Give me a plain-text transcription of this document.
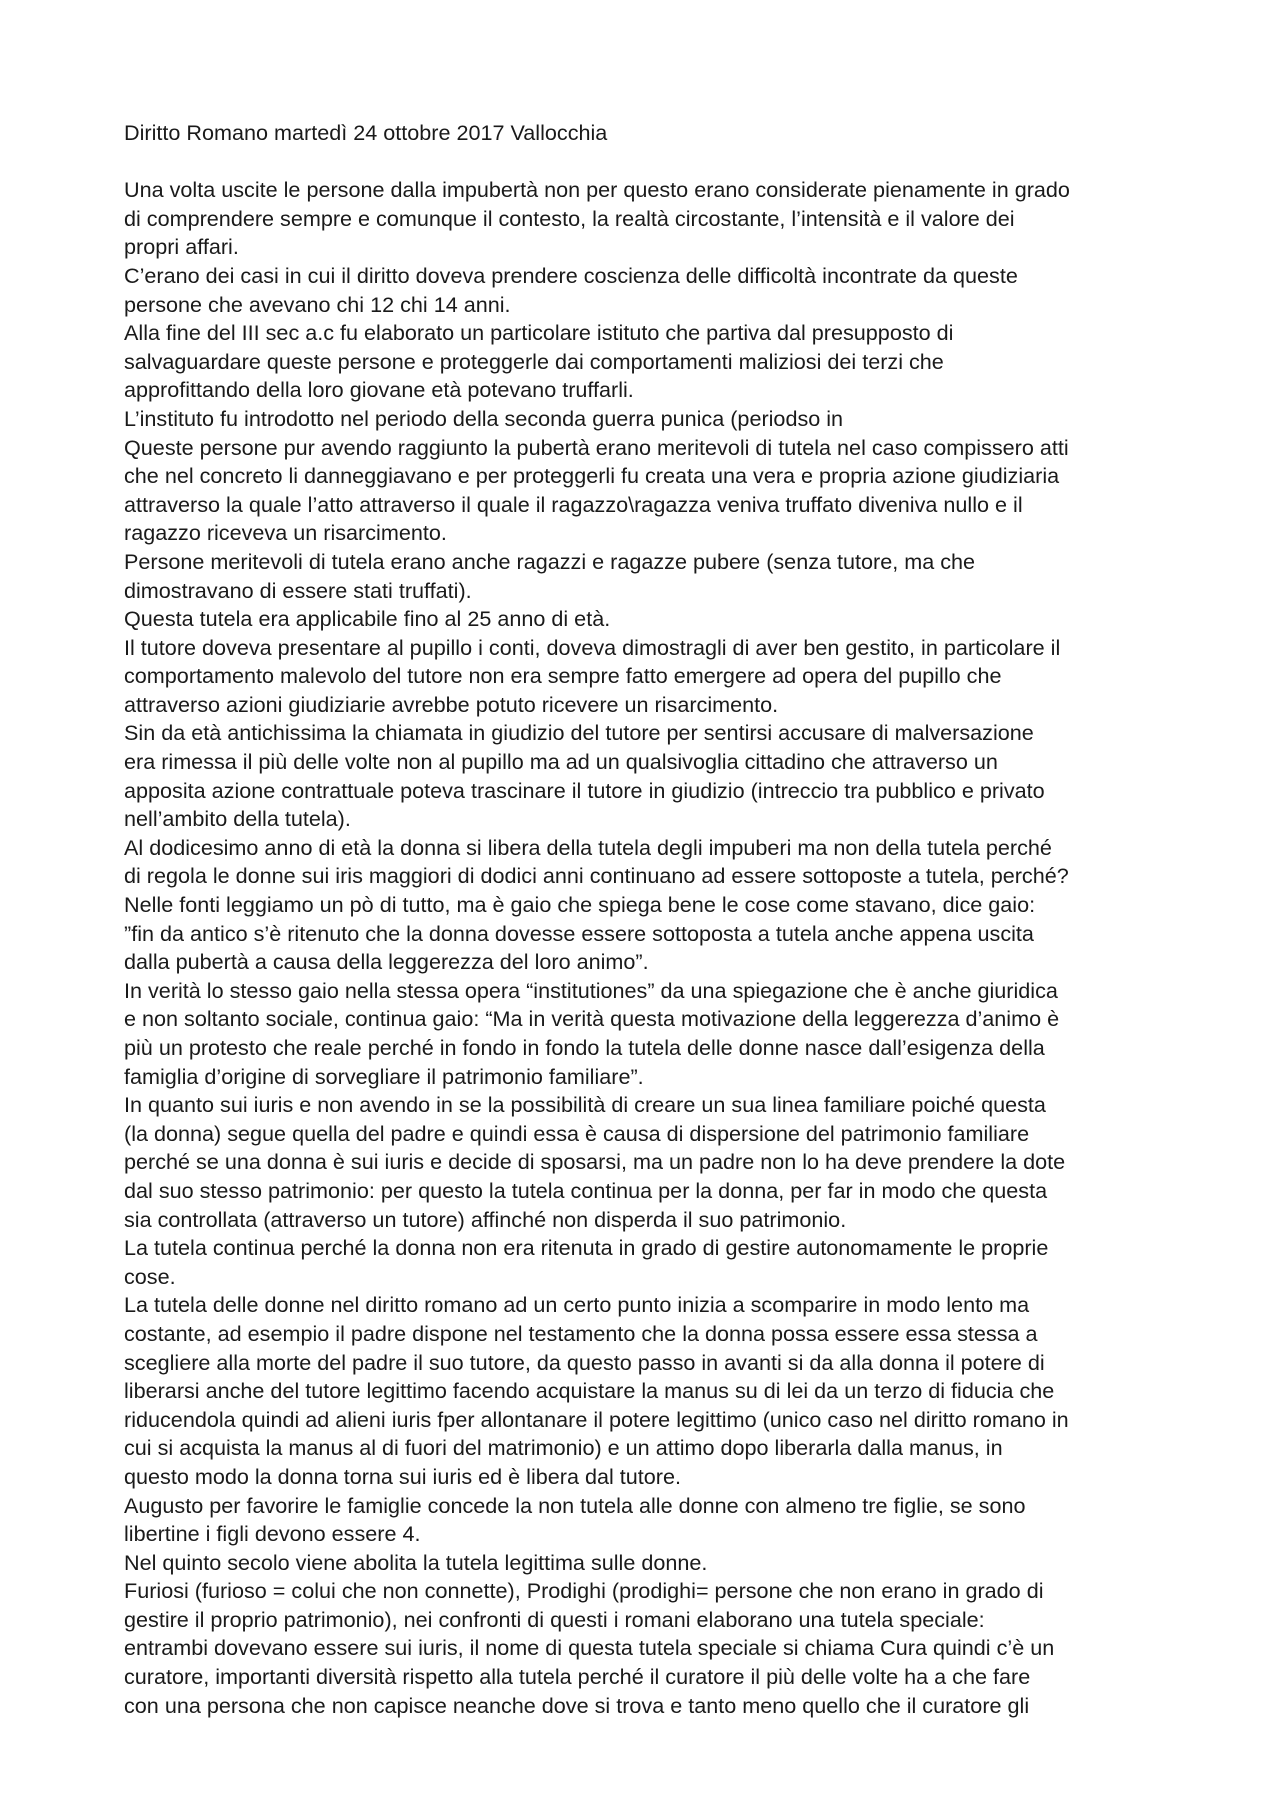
Diritto Romano martedì 24 ottobre 2017 Vallocchia

Una volta uscite le persone dalla impubertà non per questo erano considerate pienamente in grado
di comprendere sempre e comunque il contesto, la realtà circostante, l’intensità e il valore dei
propri affari.

C’erano dei casi in cui il diritto doveva prendere coscienza delle difficoltà incontrate da queste
persone che avevano chi 12 chi 14 anni.

Alla fine del III sec a.c fu elaborato un particolare istituto che partiva dal presupposto di
salvaguardare queste persone e proteggerle dai comportamenti maliziosi dei terzi che
approfittando della loro giovane età potevano truffarli.

L’instituto fu introdotto nel periodo della seconda guerra punica (periodso in

Queste persone pur avendo raggiunto la pubertà erano meritevoli di tutela nel caso compissero atti
che nel concreto li danneggiavano e per proteggerli fu creata una vera e propria azione giudiziaria
attraverso la quale l’atto attraverso il quale il ragazzo\ragazza veniva truffato diveniva nullo e il
ragazzo riceveva un risarcimento.

Persone meritevoli di tutela erano anche ragazzi e ragazze pubere (senza tutore, ma che
dimostravano di essere stati truffati).

Questa tutela era applicabile fino al 25 anno di età.

Il tutore doveva presentare al pupillo i conti, doveva dimostragli di aver ben gestito, in particolare il
comportamento malevolo del tutore non era sempre fatto emergere ad opera del pupillo che
attraverso azioni giudiziarie avrebbe potuto ricevere un risarcimento.

Sin da età antichissima la chiamata in giudizio del tutore per sentirsi accusare di malversazione
era rimessa il più delle volte non al pupillo ma ad un qualsivoglia cittadino che attraverso un
apposita azione contrattuale poteva trascinare il tutore in giudizio (intreccio tra pubblico e privato
nell’ambito della tutela).

Al dodicesimo anno di età la donna si libera della tutela degli impuberi ma non della tutela perché
di regola le donne sui iris maggiori di dodici anni continuano ad essere sottoposte a tutela, perché?

Nelle fonti leggiamo un pò di tutto, ma è gaio che spiega bene le cose come stavano, dice gaio:
”fin da antico s’è ritenuto che la donna dovesse essere sottoposta a tutela anche appena uscita
dalla pubertà a causa della leggerezza del loro animo”.

In verità lo stesso gaio nella stessa opera “institutiones” da una spiegazione che è anche giuridica
e non soltanto sociale, continua gaio: “Ma in verità questa motivazione della leggerezza d’animo è
più un protesto che reale perché in fondo in fondo la tutela delle donne nasce dall’esigenza della
famiglia d’origine di sorvegliare il patrimonio familiare”.

In quanto sui iuris e non avendo in se la possibilità di creare un sua linea familiare poiché questa
(la donna) segue quella del padre e quindi essa è causa di dispersione del patrimonio familiare
perché se una donna è sui iuris e decide di sposarsi, ma un padre non lo ha deve prendere la dote
dal suo stesso patrimonio: per questo la tutela continua per la donna, per far in modo che questa
sia controllata (attraverso un tutore) affinché non disperda il suo patrimonio.

La tutela continua perché la donna non era ritenuta in grado di gestire autonomamente le proprie
cose.

La tutela delle donne nel diritto romano ad un certo punto inizia a scomparire in modo lento ma
costante, ad esempio il padre dispone nel testamento che la donna possa essere essa stessa a
scegliere alla morte del padre il suo tutore, da questo passo in avanti si da alla donna il potere di
liberarsi anche del tutore legittimo facendo acquistare la manus su di lei da un terzo di fiducia che
riducendola quindi ad alieni iuris fper allontanare il potere legittimo (unico caso nel diritto romano in
cui si acquista la manus al di fuori del matrimonio) e un attimo dopo liberarla dalla manus, in
questo modo la donna torna sui iuris ed è libera dal tutore.

Augusto per favorire le famiglie concede la non tutela alle donne con almeno tre figlie, se sono
libertine i figli devono essere 4.

Nel quinto secolo viene abolita la tutela legittima sulle donne.

Furiosi (furioso = colui che non connette), Prodighi (prodighi= persone che non erano in grado di
gestire il proprio patrimonio), nei confronti di questi i romani elaborano una tutela speciale:
entrambi dovevano essere sui iuris, il nome di questa tutela speciale si chiama Cura quindi c’è un
curatore, importanti diversità rispetto alla tutela perché il curatore il più delle volte ha a che fare
con una persona che non capisce neanche dove si trova e tanto meno quello che il curatore gli
